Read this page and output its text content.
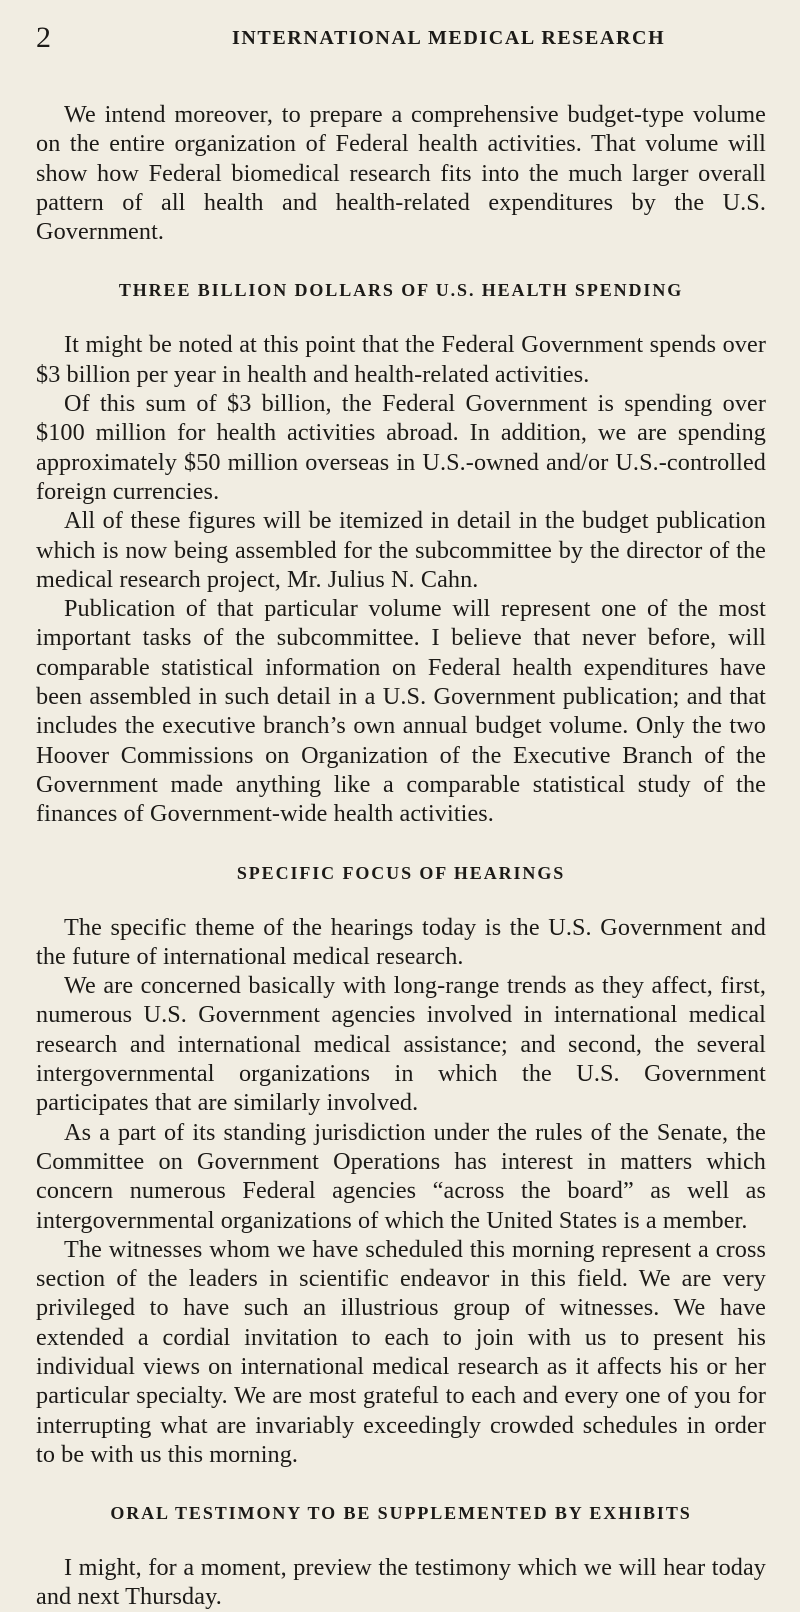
2	INTERNATIONAL MEDICAL RESEARCH

We intend moreover, to prepare a comprehensive budget-type volume on the entire organization of Federal health activities. That volume will show how Federal biomedical research fits into the much larger overall pattern of all health and health-related expenditures by the U.S. Government.

THREE BILLION DOLLARS OF U.S. HEALTH SPENDING

It might be noted at this point that the Federal Government spends over $3 billion per year in health and health-related activities.

Of this sum of $3 billion, the Federal Government is spending over $100 million for health activities abroad. In addition, we are spending approximately $50 million overseas in U.S.-owned and/or U.S.-controlled foreign currencies.

All of these figures will be itemized in detail in the budget publication which is now being assembled for the subcommittee by the director of the medical research project, Mr. Julius N. Cahn.

Publication of that particular volume will represent one of the most important tasks of the subcommittee. I believe that never before, will comparable statistical information on Federal health expenditures have been assembled in such detail in a U.S. Government publication; and that includes the executive branch’s own annual budget volume. Only the two Hoover Commissions on Organization of the Executive Branch of the Government made anything like a comparable statistical study of the finances of Government-wide health activities.

SPECIFIC FOCUS OF HEARINGS

The specific theme of the hearings today is the U.S. Government and the future of international medical research.

We are concerned basically with long-range trends as they affect, first, numerous U.S. Government agencies involved in international medical research and international medical assistance; and second, the several intergovernmental organizations in which the U.S. Government participates that are similarly involved.

As a part of its standing jurisdiction under the rules of the Senate, the Committee on Government Operations has interest in matters which concern numerous Federal agencies “across the board” as well as intergovernmental organizations of which the United States is a member.

The witnesses whom we have scheduled this morning represent a cross section of the leaders in scientific endeavor in this field. We are very privileged to have such an illustrious group of witnesses. We have extended a cordial invitation to each to join with us to present his individual views on international medical research as it affects his or her particular specialty. We are most grateful to each and every one of you for interrupting what are invariably exceedingly crowded schedules in order to be with us this morning.

ORAL TESTIMONY TO BE SUPPLEMENTED BY EXHIBITS

I might, for a moment, preview the testimony which we will hear today and next Thursday.
